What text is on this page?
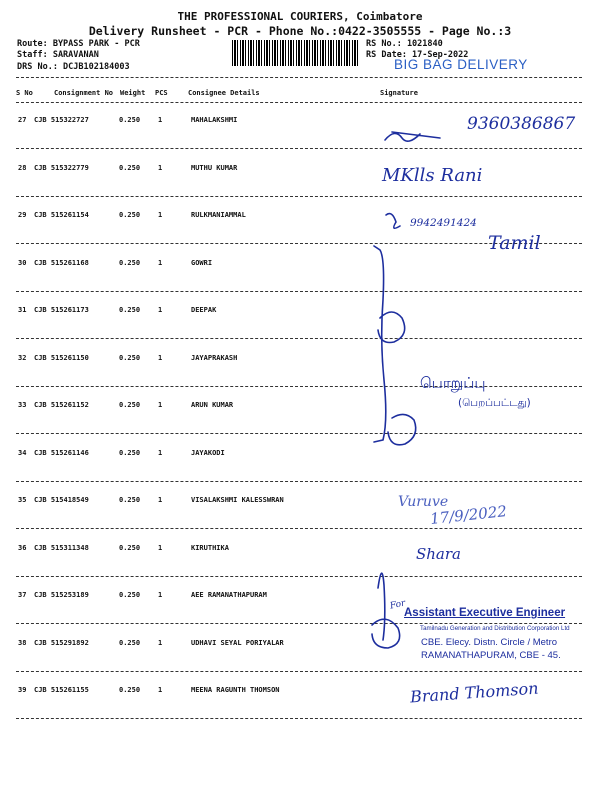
THE PROFESSIONAL COURIERS, Coimbatore
Delivery Runsheet - PCR - Phone No.:0422-3505555 - Page No.:3
Route: BYPASS PARK - PCR
Staff: SARAVANAN
DRS No.: DCJB102184003
RS No.: 1021840
RS Date: 17-Sep-2022
BIG BAG DELIVERY
S No	Consignment No Weight PCS	Consignee Details	Signature
27 CJB 515322727	0.250	1	MAHALAKSHMI
28 CJB 515322779	0.250	1	MUTHU KUMAR
29 CJB 515261154	0.250	1	RULKMANIAMMAL
30 CJB 515261168	0.250	1	GOWRI
31 CJB 515261173	0.250	1	DEEPAK
32 CJB 515261150	0.250	1	JAYAPRAKASH
33 CJB 515261152	0.250	1	ARUN KUMAR
34 CJB 515261146	0.250	1	JAYAKODI
35 CJB 515418549	0.250	1	VISALAKSHMI KALESSWRAN
36 CJB 515311348	0.250	1	KIRUTHIKA
37 CJB 515253189	0.250	1	AEE RAMANATHAPURAM
38 CJB 515291892	0.250	1	UDHAVI SEYAL PORIYALAR
39 CJB 515261155	0.250	1	MEENA RAGUNTH THOMSON
9360386867
MKlls Rani
9942491424
Tamil
பொறுப்பு
(பெறப்பட்டது)
Vuruve
17/9/2022
Shara
For
Assistant Executive Engineer
Tamilnadu Generation and Distribution Corporation Ltd
CBE. Elecy. Distn. Circle / Metro
RAMANATHAPURAM, CBE - 45.
Brand Thomson
